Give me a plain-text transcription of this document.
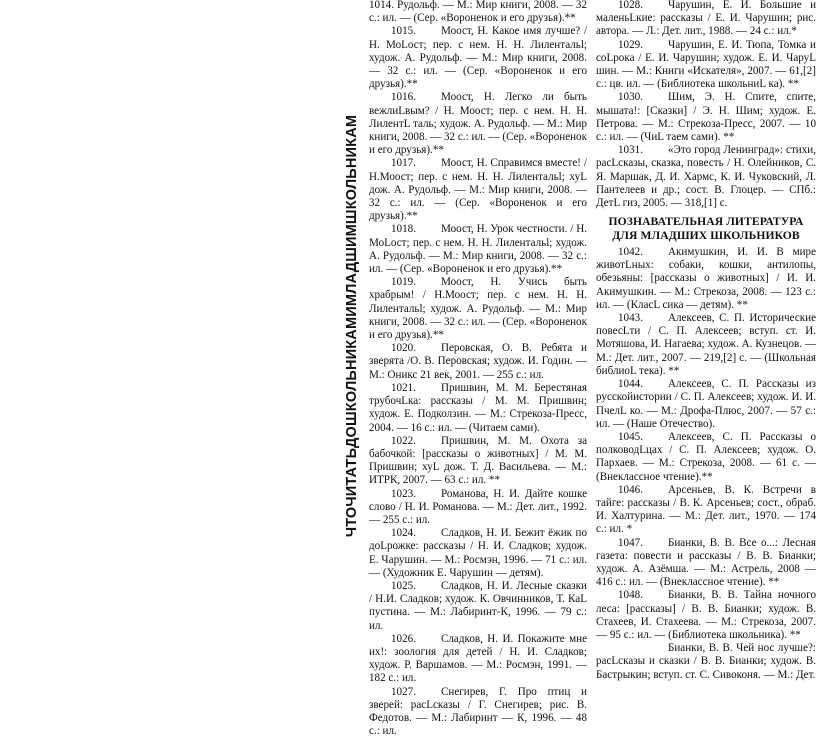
ЧТОЧИТАТЬДОШКОЛЬНИКАМИМЛАДШИМШКОЛЬНИКАМ

1014. Рудольф. — М.: Мир книги, 2008. — 32 с.: ил. — (Сер. «Вороненок и его друзья).**

1015. Моост, Н. Какое имя лучше? / Н. МоLост; пер. с нем. Н. Н. Лилентальl; худож. А. Рудольф. — М.: Мир книги, 2008. — 32 с.: ил. — (Сер. «Вороненок и его друзья).**

1016. Моост, Н. Легко ли быть вежлиLвым? / Н. Моост; пер. с нем. Н. Н. ЛилентL таль; худож. А. Рудольф. — М.: Мир книги, 2008. — 32 с.: ил. — (Сер. «Вороненок и его друзья).**

1017. Моост, Н. Справимся вместе! / Н.Моост; пер. с нем. Н. Н. Лилентальl; хуL дож. А. Рудольф. — М.: Мир книги, 2008. — 32 с.: ил. — (Сер. «Вороненок и его друзья).**

1018. Моост, Н. Урок честности. / Н. МоLост; пер. с нем. Н. Н. Лилентальl; худож. А. Рудольф. — М.: Мир книги, 2008. — 32 с.: ил. — (Сер. «Вороненок и его друзья).**

1019. Моост, Н. Учись быть храбрым! / Н.Моост; пер. с нем. Н. Н. Лилентальl; худож. А. Рудольф. — М.: Мир книги, 2008. — 32 с.: ил. — (Сер. «Вороненок и его друзья).**

1020. Перовская, О. В. Ребята и зверята /О. В. Перовская; худож. И. Годин. — М.: Оникс 21 век, 2001. — 255 с.: ил.

1021. Пришвин, М. М. Берестяная трубочLка: рассказы / М. М. Пришвин; худож. Е. Подколзин. — М.: Стрекоза-Пресс, 2004. — 16 с.: ил. — (Читаем сами).

1022. Пришвин, М. М. Охота за бабочкой: [рассказы о животных] / М. М. Пришвин; хуL дож. Т. Д. Васильева. — М.: ИТРК, 2007. — 63 с.: ил. **

1023. Романова, Н. И. Дайте кошке слово / Н. И. Романова. — М.: Дет. лит., 1992. — 255 с.: ил.

1024. Сладков, Н. И. Бежит ёжик по доLрожке: рассказы / Н. И. Сладков; худож. Е. Чарушин. — М.: Росмэн, 1996. — 71 с.: ил. — (Художник Е. Чарушин — детям).

1025. Сладков, Н. И. Лесные сказки / Н.И. Сладков; худож. К. Овчинников, Т. КаL пустина. — М.: Лабиринт-К, 1996. — 79 с.: ил.

1026. Сладков, Н. И. Покажите мне их!: зоология для детей / Н. И. Сладков; худож. Р. Варшамов. — М.: Росмэн, 1991. — 182 с.: ил.

1027. Снегирев, Г. Про птиц и зверей: расLсказы / Г. Снегирев; рис. В. Федотов. — М.: Лабиринт — К, 1996. — 48 с.: ил.

1028. Чарушин, Е. И. Большие и маленьLкие: рассказы / Е. И. Чарушин; рис. автора. — Л.: Дет. лит., 1988. — 24 с.: ил.*

1029. Чарушин, Е. И. Тюпа, Томка и соLрока / Е. И. Чарушин; худож. Е. И. ЧаруL шин. — М.: Книги «Искателя», 2007. — 61,[2] с.: цв. ил. — (Библиотека школьниL ка). **

1030. Шим, Э. Н. Спите, спите, мышата!: [Сказки] / Э. Н. Шим; худож. Е. Петрова. — М.: Стрекоза-Пресс, 2007. — 10 с.: ил. — (ЧиL таем сами). **

1031. «Это город Ленинград»: стихи, расLсказы, сказка, повесть / Н. Олейников, С. Я. Маршак, Д. И. Хармс, К. И. Чуковский, Л. Пантелеев и др.; сост. В. Глоцер. — СПб.: ДетL гиз, 2005. — 318,[1] с.

ПОЗНАВАТЕЛЬНАЯ ЛИТЕРАТУРА ДЛЯ МЛАДШИХ ШКОЛЬНИКОВ

1042. Акимушкин, И. И. В мире животLных: собаки, кошки, антилопы, обезьяны: [рассказы о животных] / И. И. Акимушкин. — М.: Стрекоза, 2008. — 123 с.: ил. — (КласL сика — детям). **

1043. Алексеев, С. П. Исторические повесLти / С. П. Алексеев; вступ. ст. И. Мотяшова, И. Нагаева; худож. А. Кузнецов. — М.: Дет. лит., 2007. — 219,[2] с. — (Школьная библиоL тека). **

1044. Алексеев, С. П. Рассказы из русскойистории / С. П. Алексеев; худож. И. И. ПчелL ко. — М.: Дрофа-Плюс, 2007. — 57 с.: ил. — (Наше Отечество).

1045. Алексеев, С. П. Рассказы о полководLцах / С. П. Алексеев; худож. О. Пархаев. — М.: Стрекоза, 2008. — 61 с. — (Внеклассное чтение).**

1046. Арсеньев, В. К. Встречи в тайге: рассказы / В. К. Арсеньев; сост., обраб. И. Халтурина. — М.: Дет. лит., 1970. — 174 с.: ил. *

1047. Бианки, В. В. Все о...: Лесная газета: повести и рассказы / В. В. Бианки; худож. А. Азёмша. — М.: Астрель, 2008 — 416 с.: ил. — (Внеклассное чтение). **

1048. Бианки, В. В. Тайна ночного леса: [рассказы] / В. В. Бианки; худож. В. Стахеев, И. Стахеева. — М.: Стрекоза, 2007. — 95 с.: ил. — (Библиотека школьника). **

Бианки, В. В. Чей нос лучше?: расLсказы и сказки / В. В. Бианки; худож. В. Бастрыкин; вступ. ст. С. Сивоконя. — М.: Дет.
